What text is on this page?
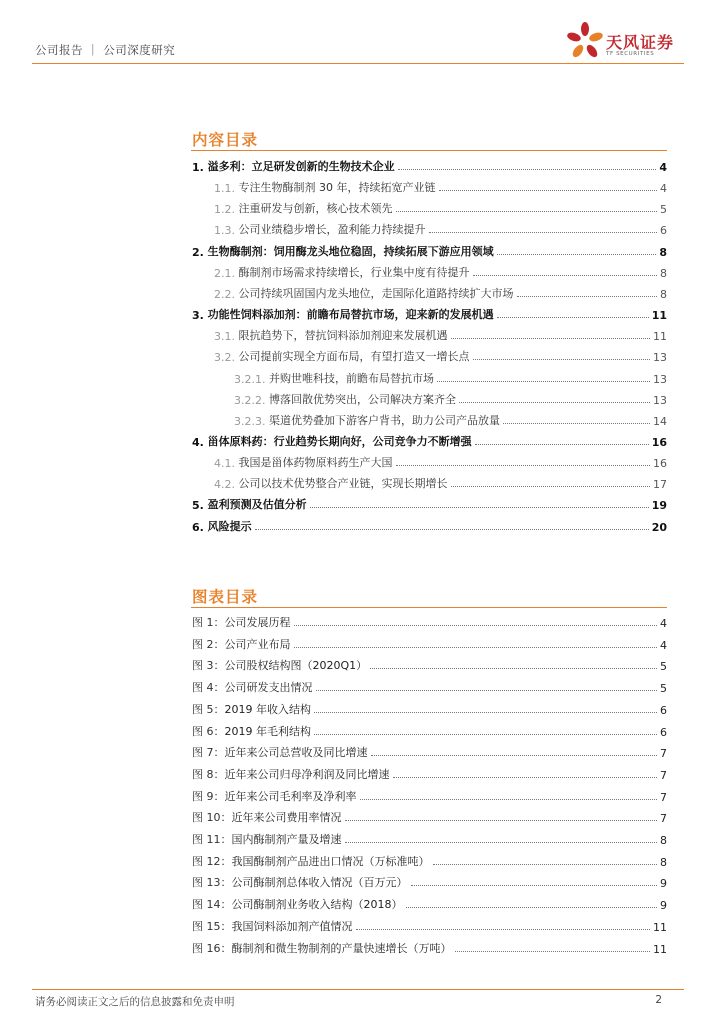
公司报告 ｜ 公司深度研究	天风证券
TF SECURITIES
内容目录
1. 溢多利：立足研发创新的生物技术企业	4
1.1. 专注生物酶制剂 30 年，持续拓宽产业链	4
1.2. 注重研发与创新，核心技术领先	5
1.3. 公司业绩稳步增长，盈利能力持续提升	6
2. 生物酶制剂：饲用酶龙头地位稳固，持续拓展下游应用领域	8
2.1. 酶制剂市场需求持续增长，行业集中度有待提升	8
2.2. 公司持续巩固国内龙头地位，走国际化道路持续扩大市场	8
3. 功能性饲料添加剂：前瞻布局替抗市场，迎来新的发展机遇	11
3.1. 限抗趋势下，替抗饲料添加剂迎来发展机遇	11
3.2. 公司提前实现全方面布局，有望打造又一增长点	13
3.2.1. 并购世唯科技，前瞻布局替抗市场	13
3.2.2. 博落回散优势突出，公司解决方案齐全	13
3.2.3. 渠道优势叠加下游客户背书，助力公司产品放量	14
4. 甾体原料药：行业趋势长期向好，公司竞争力不断增强	16
4.1. 我国是甾体药物原料药生产大国	16
4.2. 公司以技术优势整合产业链，实现长期增长	17
5. 盈利预测及估值分析	19
6. 风险提示	20
图表目录
图 1： 公司发展历程	4
图 2： 公司产业布局	4
图 3： 公司股权结构图（2020Q1）	5
图 4： 公司研发支出情况	5
图 5： 2019 年收入结构	6
图 6： 2019 年毛利结构	6
图 7： 近年来公司总营收及同比增速	7
图 8： 近年来公司归母净利润及同比增速	7
图 9： 近年来公司毛利率及净利率	7
图 10： 近年来公司费用率情况	7
图 11： 国内酶制剂产量及增速	8
图 12： 我国酶制剂产品进出口情况（万标准吨）	8
图 13： 公司酶制剂总体收入情况（百万元）	9
图 14： 公司酶制剂业务收入结构（2018）	9
图 15： 我国饲料添加剂产值情况	11
图 16： 酶制剂和微生物制剂的产量快速增长（万吨）	11
请务必阅读正文之后的信息披露和免责申明	2
